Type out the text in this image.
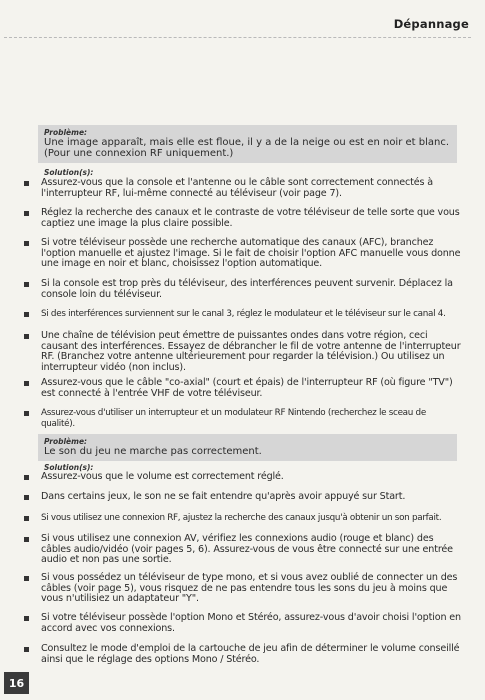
Dépannage
Problème:
Une image apparaît, mais elle est floue, il y a de la neige ou est en noir et blanc. (Pour une connexion RF uniquement.)
Solution(s):
Assurez-vous que la console et l'antenne ou le câble sont correctement connectés à l'interrupteur RF, lui-même connecté au téléviseur (voir page 7).
Réglez la recherche des canaux et le contraste de votre téléviseur de telle sorte que vous captiez une image la plus claire possible.
Si votre téléviseur possède une recherche automatique des canaux (AFC), branchez l'option manuelle et ajustez l'image. Si le fait de choisir l'option AFC manuelle vous donne une image en noir et blanc, choisissez l'option automatique.
Si la console est trop près du téléviseur, des interférences peuvent survenir. Déplacez la console loin du téléviseur.
Si des interférences surviennent sur le canal 3, réglez le modulateur et le téléviseur sur le canal 4.
Une chaîne de télévision peut émettre de puissantes ondes dans votre région, ceci causant des interférences. Essayez de débrancher le fil de votre antenne de l'interrupteur RF. (Branchez votre antenne ultérieurement pour regarder la télévision.) Ou utilisez un interrupteur vidéo (non inclus).
Assurez-vous que le câble "co-axial" (court et épais) de l'interrupteur RF (où figure "TV") est connecté à l'entrée VHF de votre téléviseur.
Assurez-vous d'utiliser un interrupteur et un modulateur RF Nintendo (recherchez le sceau de qualité).
Problème:
Le son du jeu ne marche pas correctement.
Solution(s):
Assurez-vous que le volume est correctement réglé.
Dans certains jeux, le son ne se fait entendre qu'après avoir appuyé sur Start.
Si vous utilisez une connexion RF, ajustez la recherche des canaux jusqu'à obtenir un son parfait.
Si vous utilisez une connexion AV, vérifiez les connexions audio (rouge et blanc) des câbles audio/vidéo (voir pages 5, 6). Assurez-vous de vous être connecté sur une entrée audio et non pas une sortie.
Si vous possédez un téléviseur de type mono, et si vous avez oublié de connecter un des câbles (voir page 5), vous risquez de ne pas entendre tous les sons du jeu à moins que vous n'utilisiez un adaptateur "Y".
Si votre téléviseur possède l'option Mono et Stéréo, assurez-vous d'avoir choisi l'option en accord avec vos connexions.
Consultez le mode d'emploi de la cartouche de jeu afin de déterminer le volume conseillé ainsi que le réglage des options Mono / Stéréo.
16
